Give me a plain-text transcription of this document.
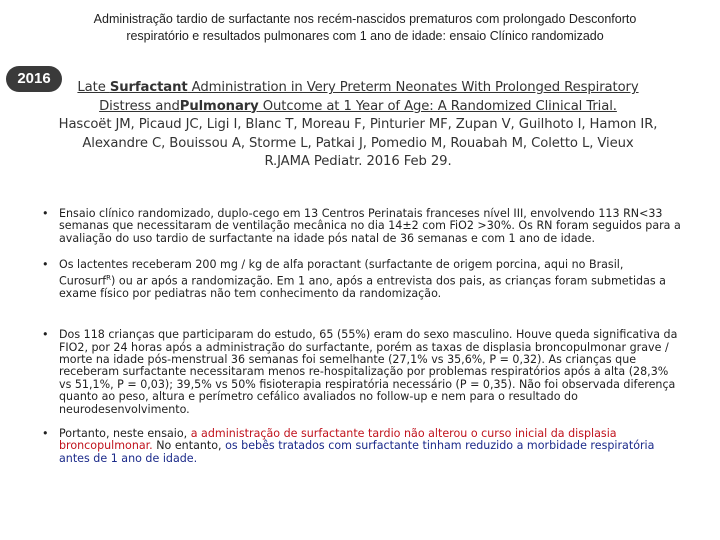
Administração tardio de surfactante nos recém-nascidos prematuros com prolongado Desconforto respiratório e resultados pulmonares com 1 ano de idade: ensaio Clínico randomizado
2016
Late Surfactant Administration in Very Preterm Neonates With Prolonged Respiratory Distress andPulmonary Outcome at 1 Year of Age: A Randomized Clinical Trial.
Hascoët JM, Picaud JC, Ligi I, Blanc T, Moreau F, Pinturier MF, Zupan V, Guilhoto I, Hamon IR, Alexandre C, Bouissou A, Storme L, Patkai J, Pomedio M, Rouabah M, Coletto L, Vieux R.JAMA Pediatr. 2016 Feb 29.
• Ensaio clínico randomizado, duplo-cego em 13 Centros Perinatais franceses nível III, envolvendo 113 RN<33 semanas que necessitaram de ventilação mecânica no dia 14±2 com FiO2 >30%. Os RN foram seguidos para a avaliação do uso tardio de surfactante na idade pós natal de 36 semanas e com 1 ano de idade.
• Os lactentes receberam 200 mg / kg de alfa poractant (surfactante de origem porcina, aqui no Brasil, Curosurf$^R$) ou ar após a randomização. Em 1 ano, após a entrevista dos pais, as crianças foram submetidas a exame físico por pediatras não tem conhecimento da randomização.
• Dos 118 crianças que participaram do estudo, 65 (55%) eram do sexo masculino. Houve queda significativa da FIO2, por 24 horas após a administração do surfactante, porém as taxas de displasia broncopulmonar grave / morte na idade pós-menstrual 36 semanas foi semelhante (27,1% vs 35,6%, P = 0,32). As crianças que receberam surfactante necessitaram menos re-hospitalização por problemas respiratórios após a alta (28,3% vs 51,1%, P = 0,03); 39,5% vs 50% fisioterapia respiratória necessário (P = 0,35). Não foi observada diferença quanto ao peso, altura e perímetro cefálico avaliados no follow-up e nem para o resultado do neurodesenvolvimento.
• Portanto, neste ensaio, a administração de surfactante tardio não alterou o curso inicial da displasia broncopulmonar. No entanto, os bebês tratados com surfactante tinham reduzido a morbidade respiratória antes de 1 ano de idade.
